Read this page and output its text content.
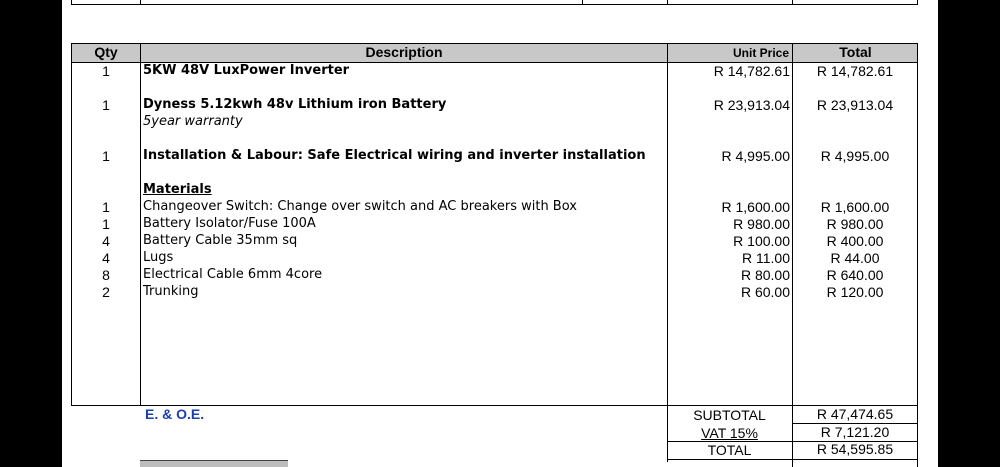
Qty	Description	Unit Price	Total
1	5KW 48V LuxPower Inverter	R 14,782.61	R 14,782.61
1	Dyness 5.12kwh 48v Lithium iron Battery	R 23,913.04	R 23,913.04
5year warranty
1	Installation & Labour: Safe Electrical wiring and inverter installation	R 4,995.00	R 4,995.00
Materials
1	Changeover Switch: Change over switch and AC breakers with Box	R 1,600.00	R 1,600.00
1	Battery Isolator/Fuse 100A	R 980.00	R 980.00
4	Battery Cable 35mm sq	R 100.00	R 400.00
4	Lugs	R 11.00	R 44.00
8	Electrical Cable 6mm 4core	R 80.00	R 640.00
2	Trunking	R 60.00	R 120.00
E. & O.E.	SUBTOTAL	R 47,474.65
VAT 15%	R 7,121.20
TOTAL	R 54,595.85
